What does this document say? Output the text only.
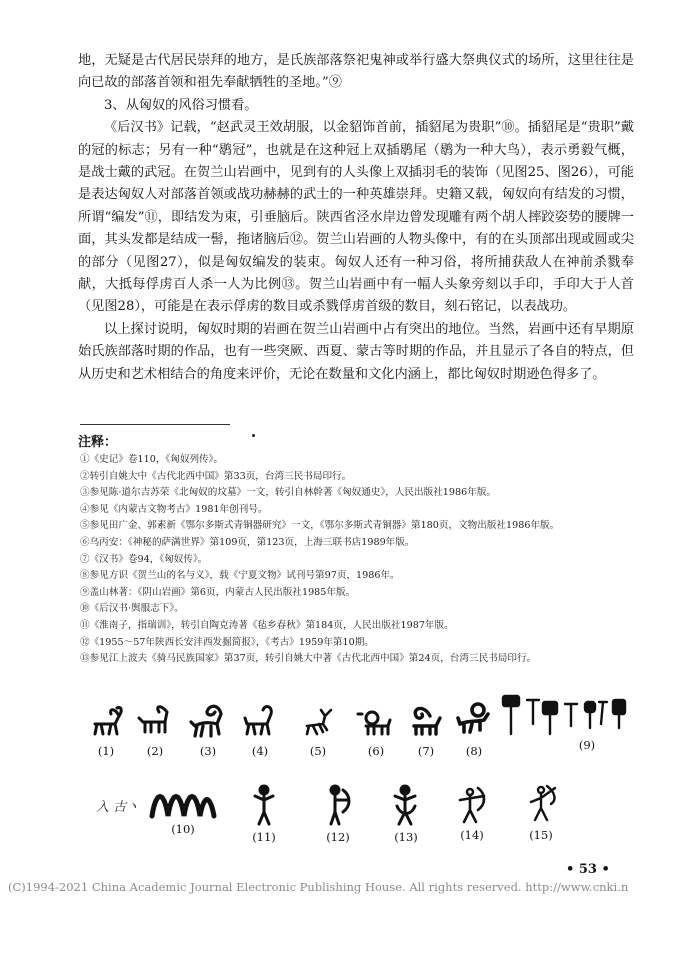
地，无疑是古代居民崇拜的地方，是氏族部落祭祀鬼神或举行盛大祭典仪式的场所，这里往往是向已故的部落首领和祖先奉献牺牲的圣地。”⑨

3、从匈奴的风俗习惯看。

《后汉书》记载，“赵武灵王效胡服，以金貂饰首前，插貂尾为贵职”⑩。插貂尾是“贵职”戴的冠的标志；另有一种“鹖冠”，也就是在这种冠上双插鹖尾（鹖为一种大鸟），表示勇毅气概，是战士戴的武冠。在贺兰山岩画中，见到有的人头像上双插羽毛的装饰（见图25、图26），可能是表达匈奴人对部落首领或战功赫赫的武士的一种英雄崇拜。史籍又载，匈奴向有结发的习惯，所谓“编发”⑪，即结发为束，引垂脑后。陕西省泾水岸边曾发现雕有两个胡人摔跤姿势的腰牌一面，其头发都是结成一髻，拖诸脑后⑫。贺兰山岩画的人物头像中，有的在头顶部出现或圆或尖的部分（见图27），似是匈奴编发的装束。匈奴人还有一种习俗，将所捕获敌人在神前杀戮奉献，大抵每俘虏百人杀一人为比例⑬。贺兰山岩画中有一幅人头象旁刻以手印，手印大于人首（见图28），可能是在表示俘虏的数目或杀戮俘虏首级的数目，刻石铭记，以表战功。

以上探讨说明，匈奴时期的岩画在贺兰山岩画中占有突出的地位。当然，岩画中还有早期原始氏族部落时期的作品，也有一些突厥、西夏、蒙古等时期的作品，并且显示了各自的特点，但从历史和艺术相结合的角度来评价，无论在数量和文化内涵上，都比匈奴时期逊色得多了。

注释：
①《史记》卷110，《匈奴列传》。
②转引自姚大中《古代北西中国》第33页，台湾三民书局印行。
③参见陈·道尔吉苏荣《北匈奴的坟墓》一文，转引自林幹著《匈奴通史》，人民出版社1986年版。
④参见《内蒙古文物考古》1981年创刊号。
⑤参见田广金、郭素新《鄂尔多斯式青铜器研究》一文，《鄂尔多斯式青铜器》第180页，文物出版社1986年版。
⑥乌丙安：《神秘的萨满世界》第109页，第123页，上海三联书店1989年版。
⑦《汉书》卷94，《匈奴传》。
⑧参见方识《贺兰山的名与义》，载《宁夏文物》试刊号第97页，1986年。
⑨盖山林著：《阴山岩画》第6页，内蒙古人民出版社1985年版。
⑩《后汉书·舆服志下》。
⑪《淮南子，指瑞训》，转引自陶克涛著《毡乡春秋》第184页，人民出版社1987年版。
⑫《1955～57年陕西长安沣西发掘简报》，《考古》1959年第10期。
⑬参见江上波夫《骑马民族国家》第37页，转引自姚大中著《古代北西中国》第24页，台湾三民书局印行。
(1)	(2)	(3)	(4)	(5)	(6)	(7)	(8)	(9)
入 古丶
(10)
(11)	(12)	(13)	(14)	(15)
• 53 •
(C)1994-2021 China Academic Journal Electronic Publishing House. All rights reserved. http://www.cnki.n
